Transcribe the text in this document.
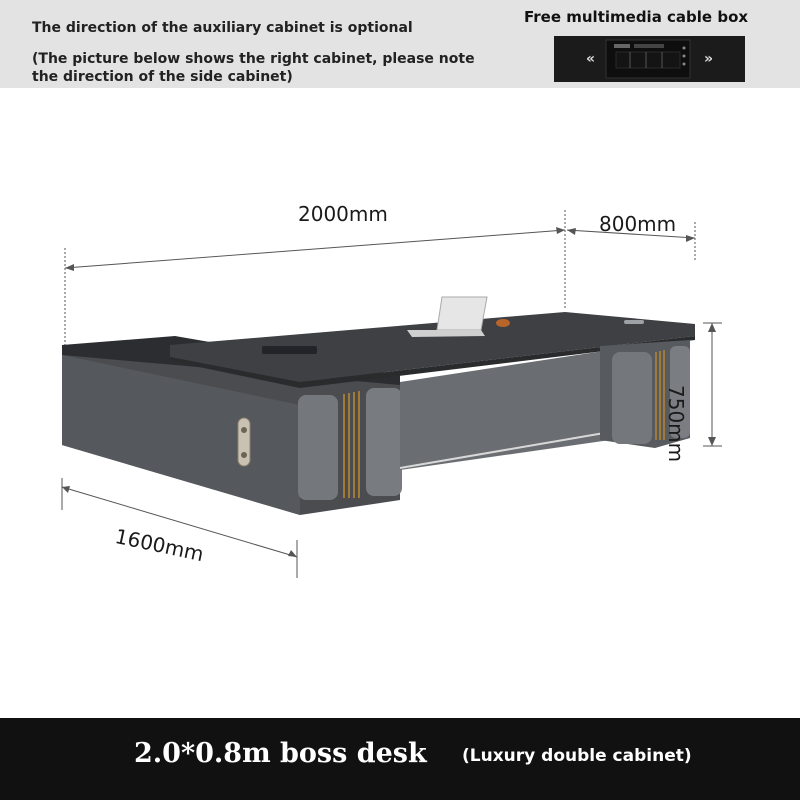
The direction of the auxiliary cabinet is optional
(The picture below shows the right cabinet, please note the direction of the side cabinet)
Free multimedia cable box
«	»
2000mm	800mm
750mm
1600mm
2.0*0.8m boss desk (Luxury double cabinet)
